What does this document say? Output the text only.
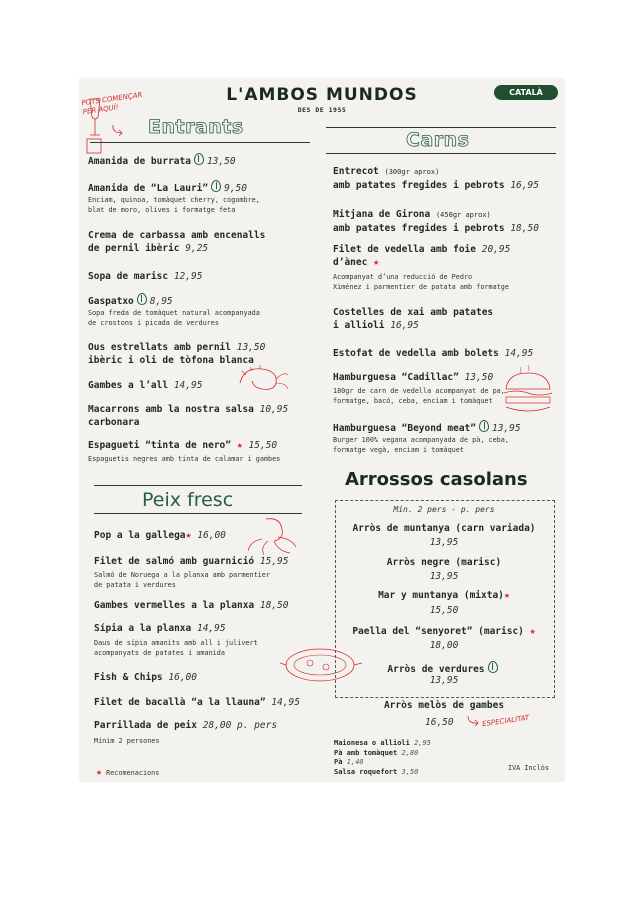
L'AMBOS MUNDOS
DES DE 1955
CATALÀ
POTS COMENÇAR
PER AQUÍ!
Entrants
Amanida de burrata 13,50
Amanida de “La Lauri” 9,50
Enciam, quinoa, tomàquet cherry, cogombre,
blat de moro, olives i formatge feta
Crema de carbassa amb encenalls
de pernil ibèric 9,25
Sopa de marisc 12,95
Gaspatxo 8,95
Sopa freda de tomàquet natural acompanyada
de crostons i picada de verdures
Ous estrellats amb pernil 13,50
ibèric i oli de tòfona blanca
Gambes a l’all 14,95
Macarrons amb la nostra salsa 10,95
carbonara
Espagueti “tinta de nero” ★ 15,50
Espaguetis negres amb tinta de calamar i gambes
Peix fresc
Pop a la gallega★ 16,00
Filet de salmó amb guarnició 15,95
Salmó de Noruega a la planxa amb parmentier
de patata i verdures
Gambes vermelles a la planxa 18,50
Sípia a la planxa 14,95
Daus de sípia amanits amb all i julivert
acompanyats de patates i amanida
Fish & Chips 16,00
Filet de bacallà “a la llauna” 14,95
Parrillada de peix 28,00 p. pers
Mínim 2 persones
★ Recomenacions
Carns
Entrecot (300gr aprox)
amb patates fregides i pebrots 16,95
Mitjana de Girona (450gr aprox)
amb patates fregides i pebrots 18,50
Filet de vedella amb foie 20,95
d’ànec ★
Acompanyat d’una reducció de Pedro
Ximénez i parmentier de patata amb formatge
Costelles de xai amb patates
i allioli 16,95
Estofat de vedella amb bolets 14,95
Hamburguesa “Cadillac” 13,50
180gr de carn de vedella acompanyat de pa,
formatge, bacó, ceba, enciam i tomàquet
Hamburguesa “Beyond meat” 13,95
Burger 100% vegana acompanyada de pà, ceba,
formatge vegà, enciam i tomàquet
Arrossos casolans
Mín. 2 pers - p. pers
Arròs de muntanya (carn variada)
13,95
Arròs negre (marisc)
13,95
Mar y muntanya (mixta)★
15,50
Paella del “senyoret” (marisc) ★
18,00
Arròs de verdures
13,95
Arròs melòs de gambes
16,50	ESPECIALITAT
Maionesa o allioli 2,95
Pà amb tomàquet 2,80
Pà 1,40
Salsa roquefort 3,50	IVA Inclòs
